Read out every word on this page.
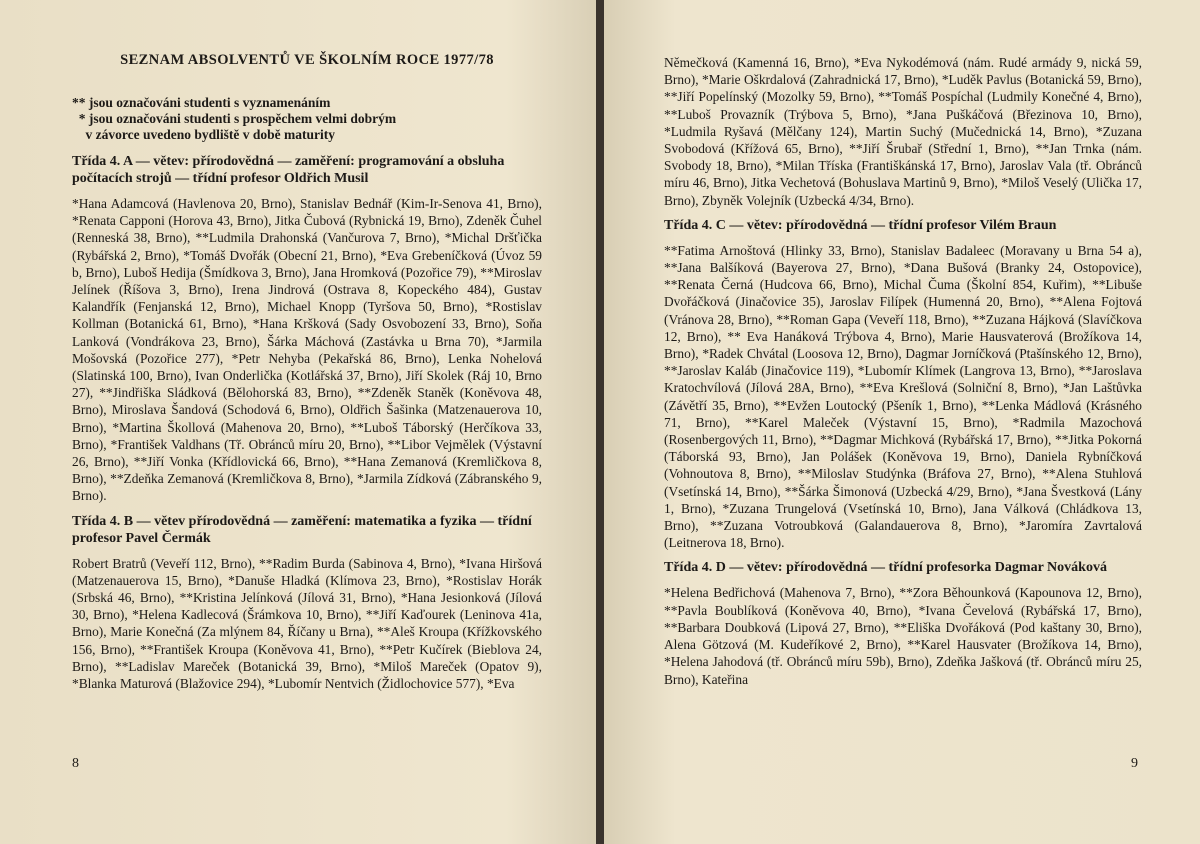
SEZNAM ABSOLVENTŮ VE ŠKOLNÍM ROCE 1977/78
** jsou označováni studenti s vyznamenáním
* jsou označováni studenti s prospěchem velmi dobrým
v závorce uvedeno bydliště v době maturity
Třída 4. A — větev: přírodovědná — zaměření: programování a obsluha počítacích strojů — třídní profesor Oldřich Musil

*Hana Adamcová (Havlenova 20, Brno), Stanislav Bednář (Kim-Ir-Senova 41, Brno), *Renata Capponi (Horova 43, Brno), Jitka Čubová (Rybnická 19, Brno), Zdeněk Čuhel (Renneská 38, Brno), **Ludmila Drahonská (Vančurova 7, Brno), *Michal Dršťička (Rybářská 2, Brno), *Tomáš Dvořák (Obecní 21, Brno), *Eva Grebeníčková (Úvoz 59 b, Brno), Luboš Hedija (Šmídkova 3, Brno), Jana Hromková (Pozořice 79), **Miroslav Jelínek (Říšova 3, Brno), Irena Jindrová (Ostrava 8, Kopeckého 484), Gustav Kalandřík (Fenjanská 12, Brno), Michael Knopp (Tyršova 50, Brno), *Rostislav Kollman (Botanická 61, Brno), *Hana Kršková (Sady Osvobození 33, Brno), Soňa Lanková (Vondrákova 23, Brno), Šárka Máchová (Zastávka u Brna 70), *Jarmila Mošovská (Pozořice 277), *Petr Nehyba (Pekařská 86, Brno), Lenka Nohelová (Slatinská 100, Brno), Ivan Onderlička (Kotlářská 37, Brno), Jiří Skolek (Ráj 10, Brno 27), **Jindřiška Sládková (Bělohorská 83, Brno), **Zdeněk Staněk (Koněvova 48, Brno), Miroslava Šandová (Schodová 6, Brno), Oldřich Šašinka (Matzenauerova 10, Brno), *Martina Škollová (Mahenova 20, Brno), **Luboš Táborský (Herčíkova 33, Brno), *František Valdhans (Tř. Obránců míru 20, Brno), **Libor Vejmělek (Výstavní 26, Brno), **Jiří Vonka (Křídlovická 66, Brno), **Hana Zemanová (Kremličkova 8, Brno), **Zdeňka Zemanová (Kremličkova 8, Brno), *Jarmila Zídková (Zábranského 9, Brno).

Třída 4. B — větev přírodovědná — zaměření: matematika a fyzika — třídní profesor Pavel Čermák

Robert Bratrů (Veveří 112, Brno), **Radim Burda (Sabinova 4, Brno), *Ivana Hiršová (Matzenauerova 15, Brno), *Danuše Hladká (Klímova 23, Brno), *Rostislav Horák (Srbská 46, Brno), **Kristina Jelínková (Jílová 31, Brno), *Hana Jesionková (Jílová 30, Brno), *Helena Kadlecová (Šrámkova 10, Brno), **Jiří Kaďourek (Leninova 41a, Brno), Marie Konečná (Za mlýnem 84, Říčany u Brna), **Aleš Kroupa (Křížkovského 156, Brno), **František Kroupa (Koněvova 41, Brno), **Petr Kučírek (Bieblova 24, Brno), **Ladislav Mareček (Botanická 39, Brno), *Miloš Mareček (Opatov 9), *Blanka Maturová (Blažovice 294), *Lubomír Nentvich (Židlochovice 577), *Eva

8

Němečková (Kamenná 16, Brno), *Eva Nykodémová (nám. Rudé armády 9, nická 59, Brno), *Marie Oškrdalová (Zahradnická 17, Brno), *Luděk Pavlus (Botanická 59, Brno), **Jiří Popelínský (Mozolky 59, Brno), **Tomáš Pospíchal (Ludmily Konečné 4, Brno), **Luboš Provazník (Trýbova 5, Brno), *Jana Puškáčová (Březinova 10, Brno), *Ludmila Ryšavá (Mělčany 124), Martin Suchý (Mučednická 14, Brno), *Zuzana Svobodová (Křížová 65, Brno), **Jiří Šrubař (Střední 1, Brno), **Jan Trnka (nám. Svobody 18, Brno), *Milan Tříska (Františkánská 17, Brno), Jaroslav Vala (tř. Obránců míru 46, Brno), Jitka Vechetová (Bohuslava Martinů 9, Brno), *Miloš Veselý (Ulička 17, Brno), Zbyněk Volejník (Uzbecká 4/34, Brno).

Třída 4. C — větev: přírodovědná — třídní profesor Vilém Braun

**Fatima Arnoštová (Hlinky 33, Brno), Stanislav Badaleec (Moravany u Brna 54 a), **Jana Balšíková (Bayerova 27, Brno), *Dana Bušová (Branky 24, Ostopovice), **Renata Černá (Hudcova 66, Brno), Michal Čuma (Školní 854, Kuřim), **Libuše Dvořáčková (Jinačovice 35), Jaroslav Filípek (Humenná 20, Brno), **Alena Fojtová (Vránova 28, Brno), **Roman Gapa (Veveří 118, Brno), **Zuzana Hájková (Slavíčkova 12, Brno), ** Eva Hanáková Trýbova 4, Brno), Marie Hausvaterová (Brožíkova 14, Brno), *Radek Chvátal (Loosova 12, Brno), Dagmar Jorníčková (Ptašínského 12, Brno), **Jaroslav Kaláb (Jinačovice 119), *Lubomír Klímek (Langrova 13, Brno), **Jaroslava Kratochvílová (Jílová 28A, Brno), **Eva Krešlová (Solniční 8, Brno), *Jan Laštůvka (Závětří 35, Brno), **Evžen Loutocký (Pšeník 1, Brno), **Lenka Mádlová (Krásného 71, Brno), **Karel Maleček (Výstavní 15, Brno), *Radmila Mazochová (Rosenbergových 11, Brno), **Dagmar Michková (Rybářská 17, Brno), **Jitka Pokorná (Táborská 93, Brno), Jan Polášek (Koněvova 19, Brno), Daniela Rybníčková (Vohnoutova 8, Brno), **Miloslav Studýnka (Bráfova 27, Brno), **Alena Stuhlová (Vsetínská 14, Brno), **Šárka Šimonová (Uzbecká 4/29, Brno), *Jana Švestková (Lány 1, Brno), *Zuzana Trungelová (Vsetínská 10, Brno), Jana Válková (Chládkova 13, Brno), **Zuzana Votroubková (Galandauerova 8, Brno), *Jaromíra Zavrtalová (Leitnerova 18, Brno).

Třída 4. D — větev: přírodovědná — třídní profesorka Dagmar Nováková

*Helena Bedřichová (Mahenova 7, Brno), **Zora Běhounková (Kapounova 12, Brno), **Pavla Boublíková (Koněvova 40, Brno), *Ivana Čevelová (Rybářská 17, Brno), **Barbara Doubková (Lipová 27, Brno), **Eliška Dvořáková (Pod kaštany 30, Brno), Alena Götzová (M. Kudeříkové 2, Brno), **Karel Hausvater (Brožíkova 14, Brno), *Helena Jahodová (tř. Obránců míru 59b), Brno), Zdeňka Jašková (tř. Obránců míru 25, Brno), Kateřina

9
